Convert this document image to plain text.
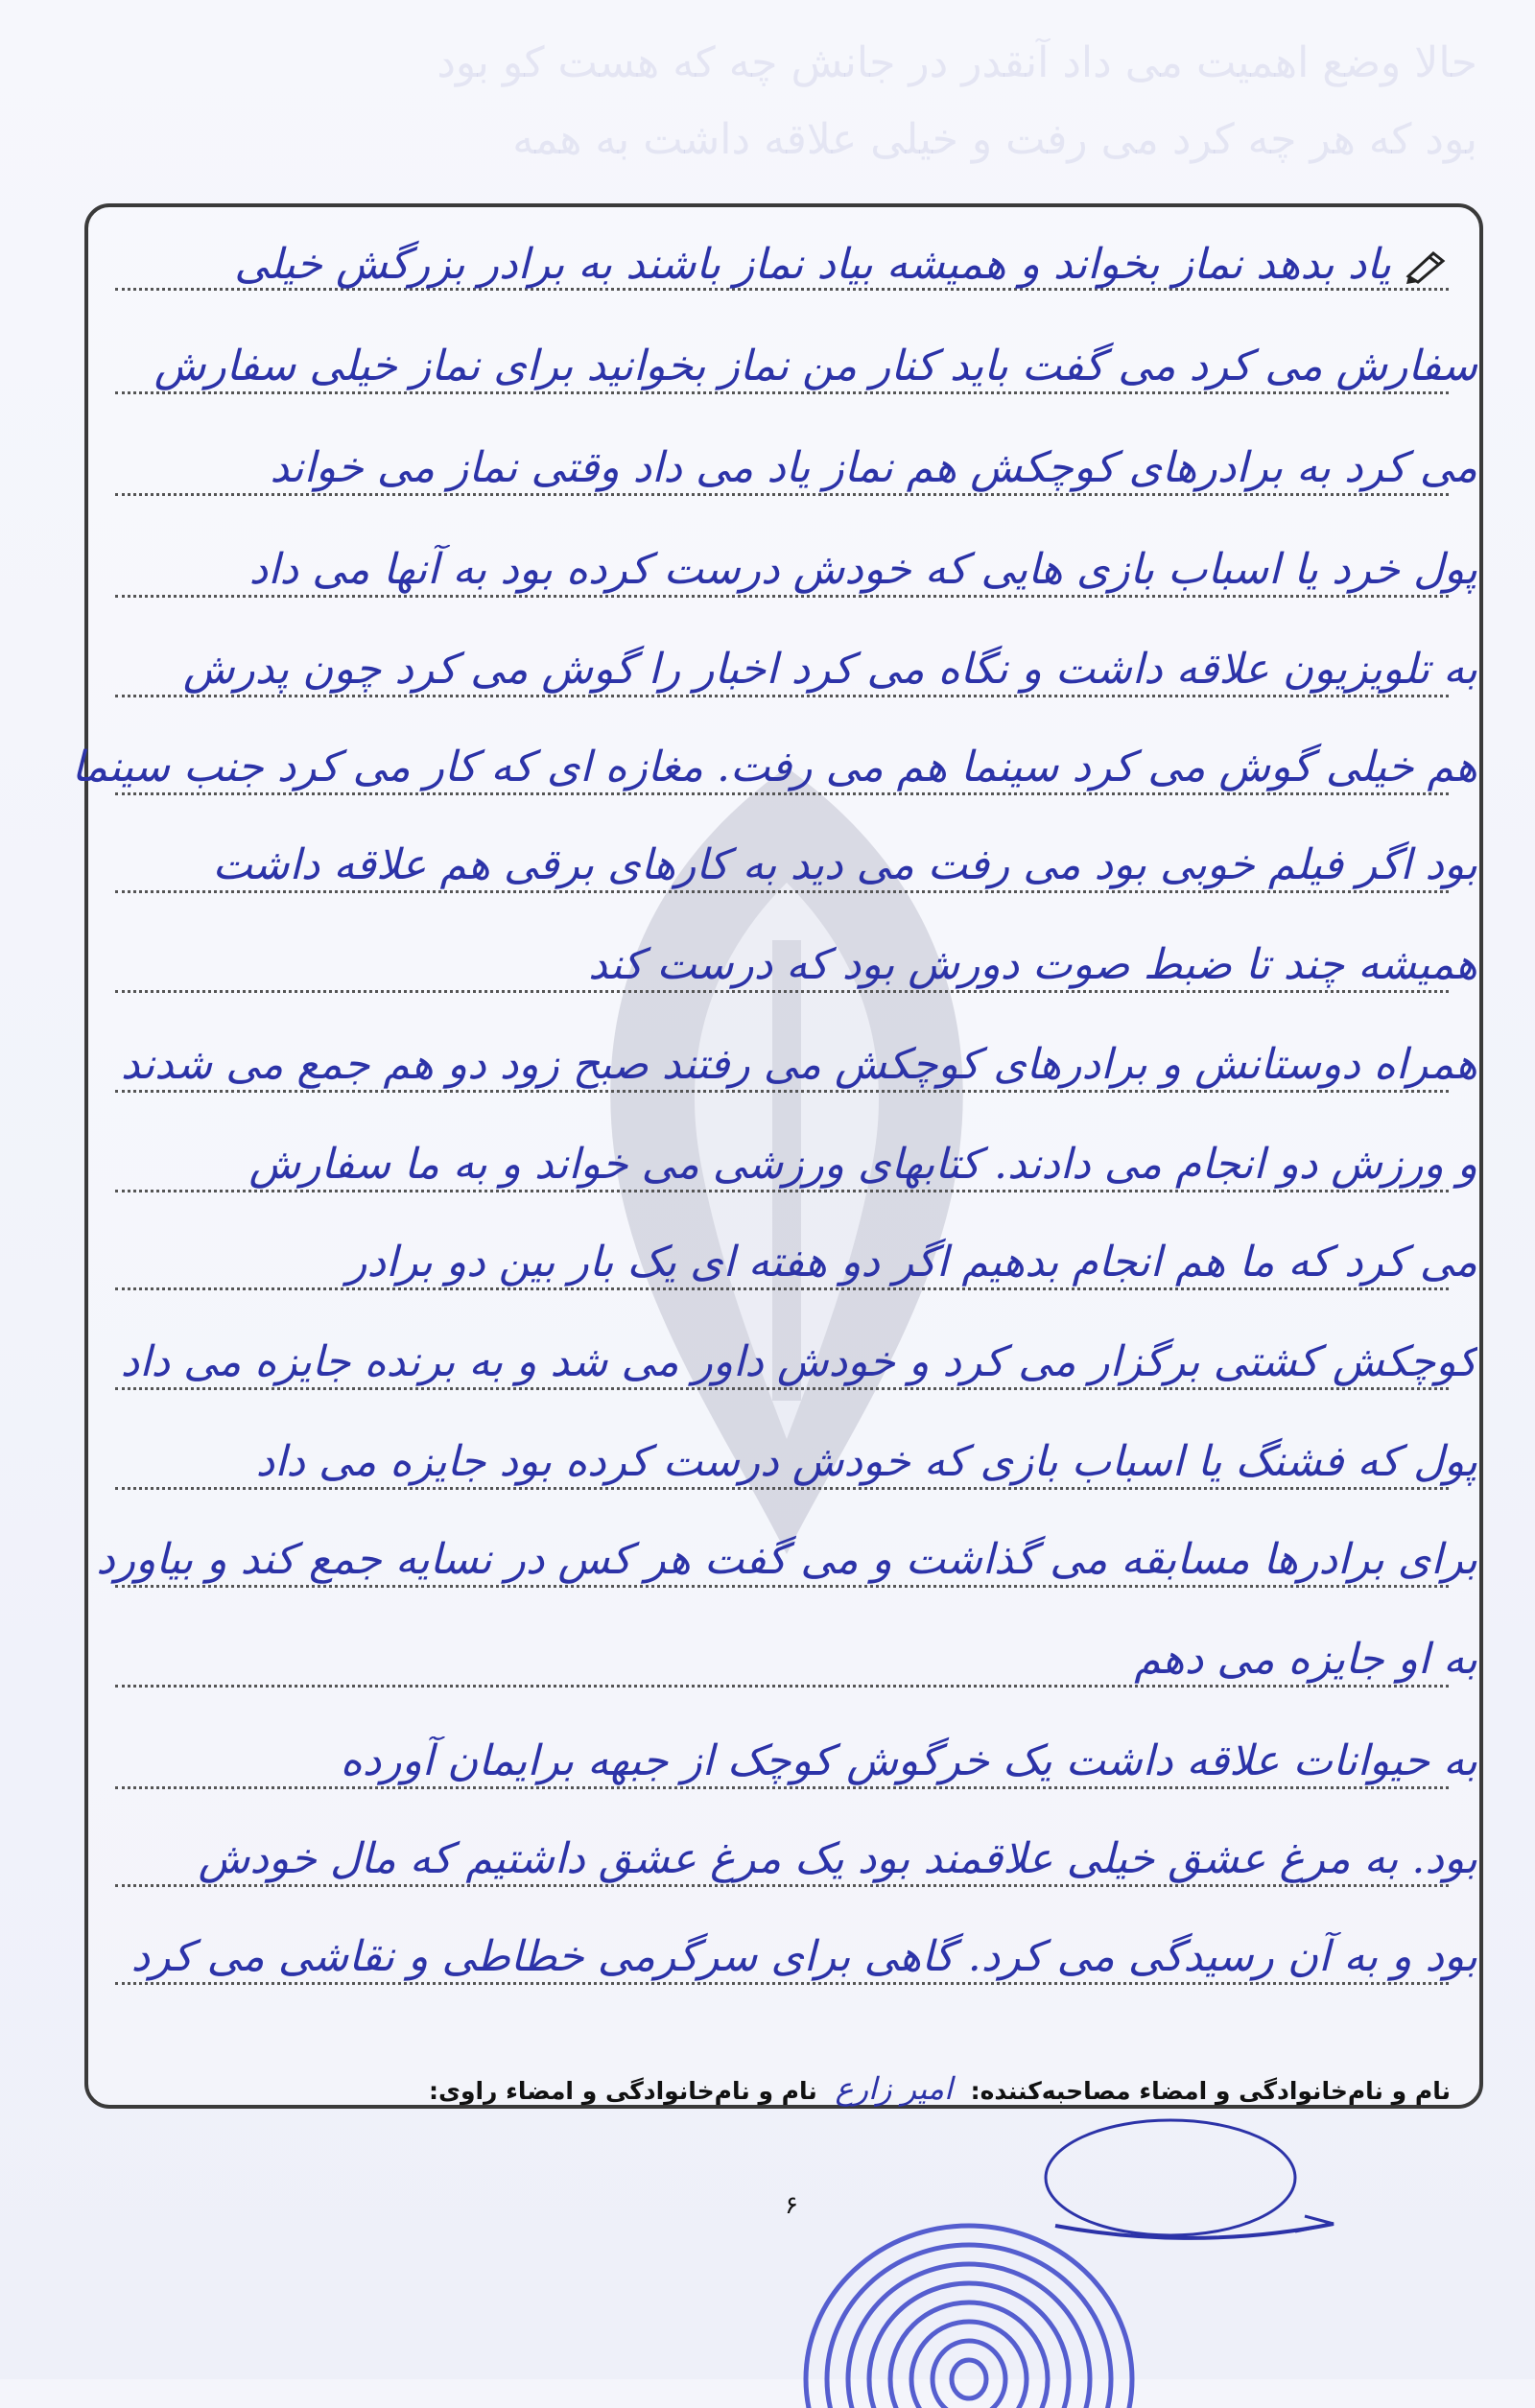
حالا وضع اهمیت می داد آنقدر در جانش چه که هست کو بود
بود که هر چه کرد می رفت و خیلی علاقه داشت به همه
یاد بدهد نماز بخواند و همیشه بیاد نماز باشند به برادر بزرگش خیلی
سفارش می کرد می گفت باید کنار من نماز بخوانید برای نماز خیلی سفارش
می کرد به برادرهای کوچکش هم نماز یاد می داد وقتی نماز می خواند
پول خرد یا اسباب بازی هایی که خودش درست کرده بود به آنها می داد
به تلویزیون علاقه داشت و نگاه می کرد اخبار را گوش می کرد چون پدرش
هم خیلی گوش می کرد سینما هم می رفت. مغازه ای که کار می کرد جنب سینما
بود اگر فیلم خوبی بود می رفت می دید به کارهای برقی هم علاقه داشت
همیشه چند تا ضبط صوت دورش بود که درست کند
همراه دوستانش و برادرهای کوچکش می رفتند صبح زود دو هم جمع می شدند
و ورزش دو انجام می دادند. کتابهای ورزشی می خواند و به ما سفارش
می کرد که ما هم انجام بدهیم اگر دو هفته ای یک بار بین دو برادر
کوچکش کشتی برگزار می کرد و خودش داور می شد و به برنده جایزه می داد
پول که فشنگ یا اسباب بازی که خودش درست کرده بود جایزه می داد
برای برادرها مسابقه می گذاشت و می گفت هر کس در نسایه جمع کند و بیاورد
به او جایزه می دهم
به حیوانات علاقه داشت یک خرگوش کوچک از جبهه برایمان آورده
بود. به مرغ عشق خیلی علاقمند بود یک مرغ عشق داشتیم که مال خودش
بود و به آن رسیدگی می کرد. گاهی برای سرگرمی خطاطی و نقاشی می کرد
نام و نام‌خانوادگی و امضاء مصاحبه‌کننده: امیر زارع نام و نام‌خانوادگی و امضاء راوی:
۶
